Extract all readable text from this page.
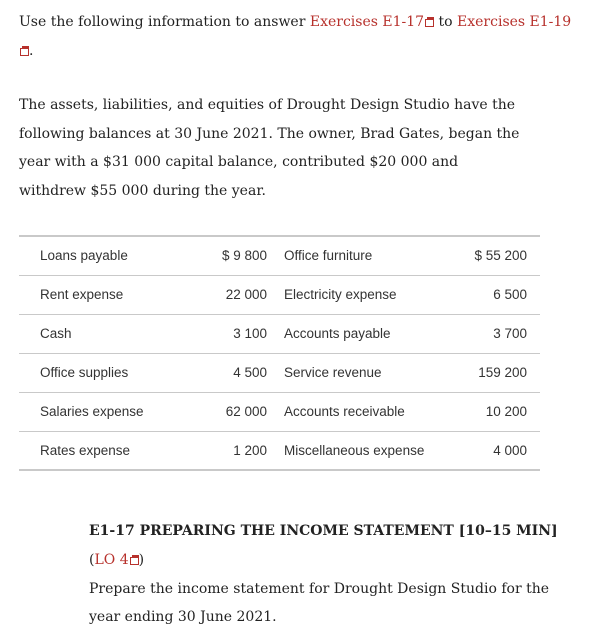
Use the following information to answer Exercises E1-17 to Exercises E1-19.

The assets, liabilities, and equities of Drought Design Studio have the following balances at 30 June 2021. The owner, Brad Gates, began the year with a $31 000 capital balance, contributed $20 000 and withdrew $55 000 during the year.

Loans payable	$ 9 800	Office furniture	$ 55 200
Rent expense	22 000	Electricity expense	6 500
Cash	3 100	Accounts payable	3 700
Office supplies	4 500	Service revenue	159 200
Salaries expense	62 000	Accounts receivable	10 200
Rates expense	1 200	Miscellaneous expense	4 000

E1-17 PREPARING THE INCOME STATEMENT [10–15 MIN]

(LO 4 )

Prepare the income statement for Drought Design Studio for the year ending 30 June 2021.
